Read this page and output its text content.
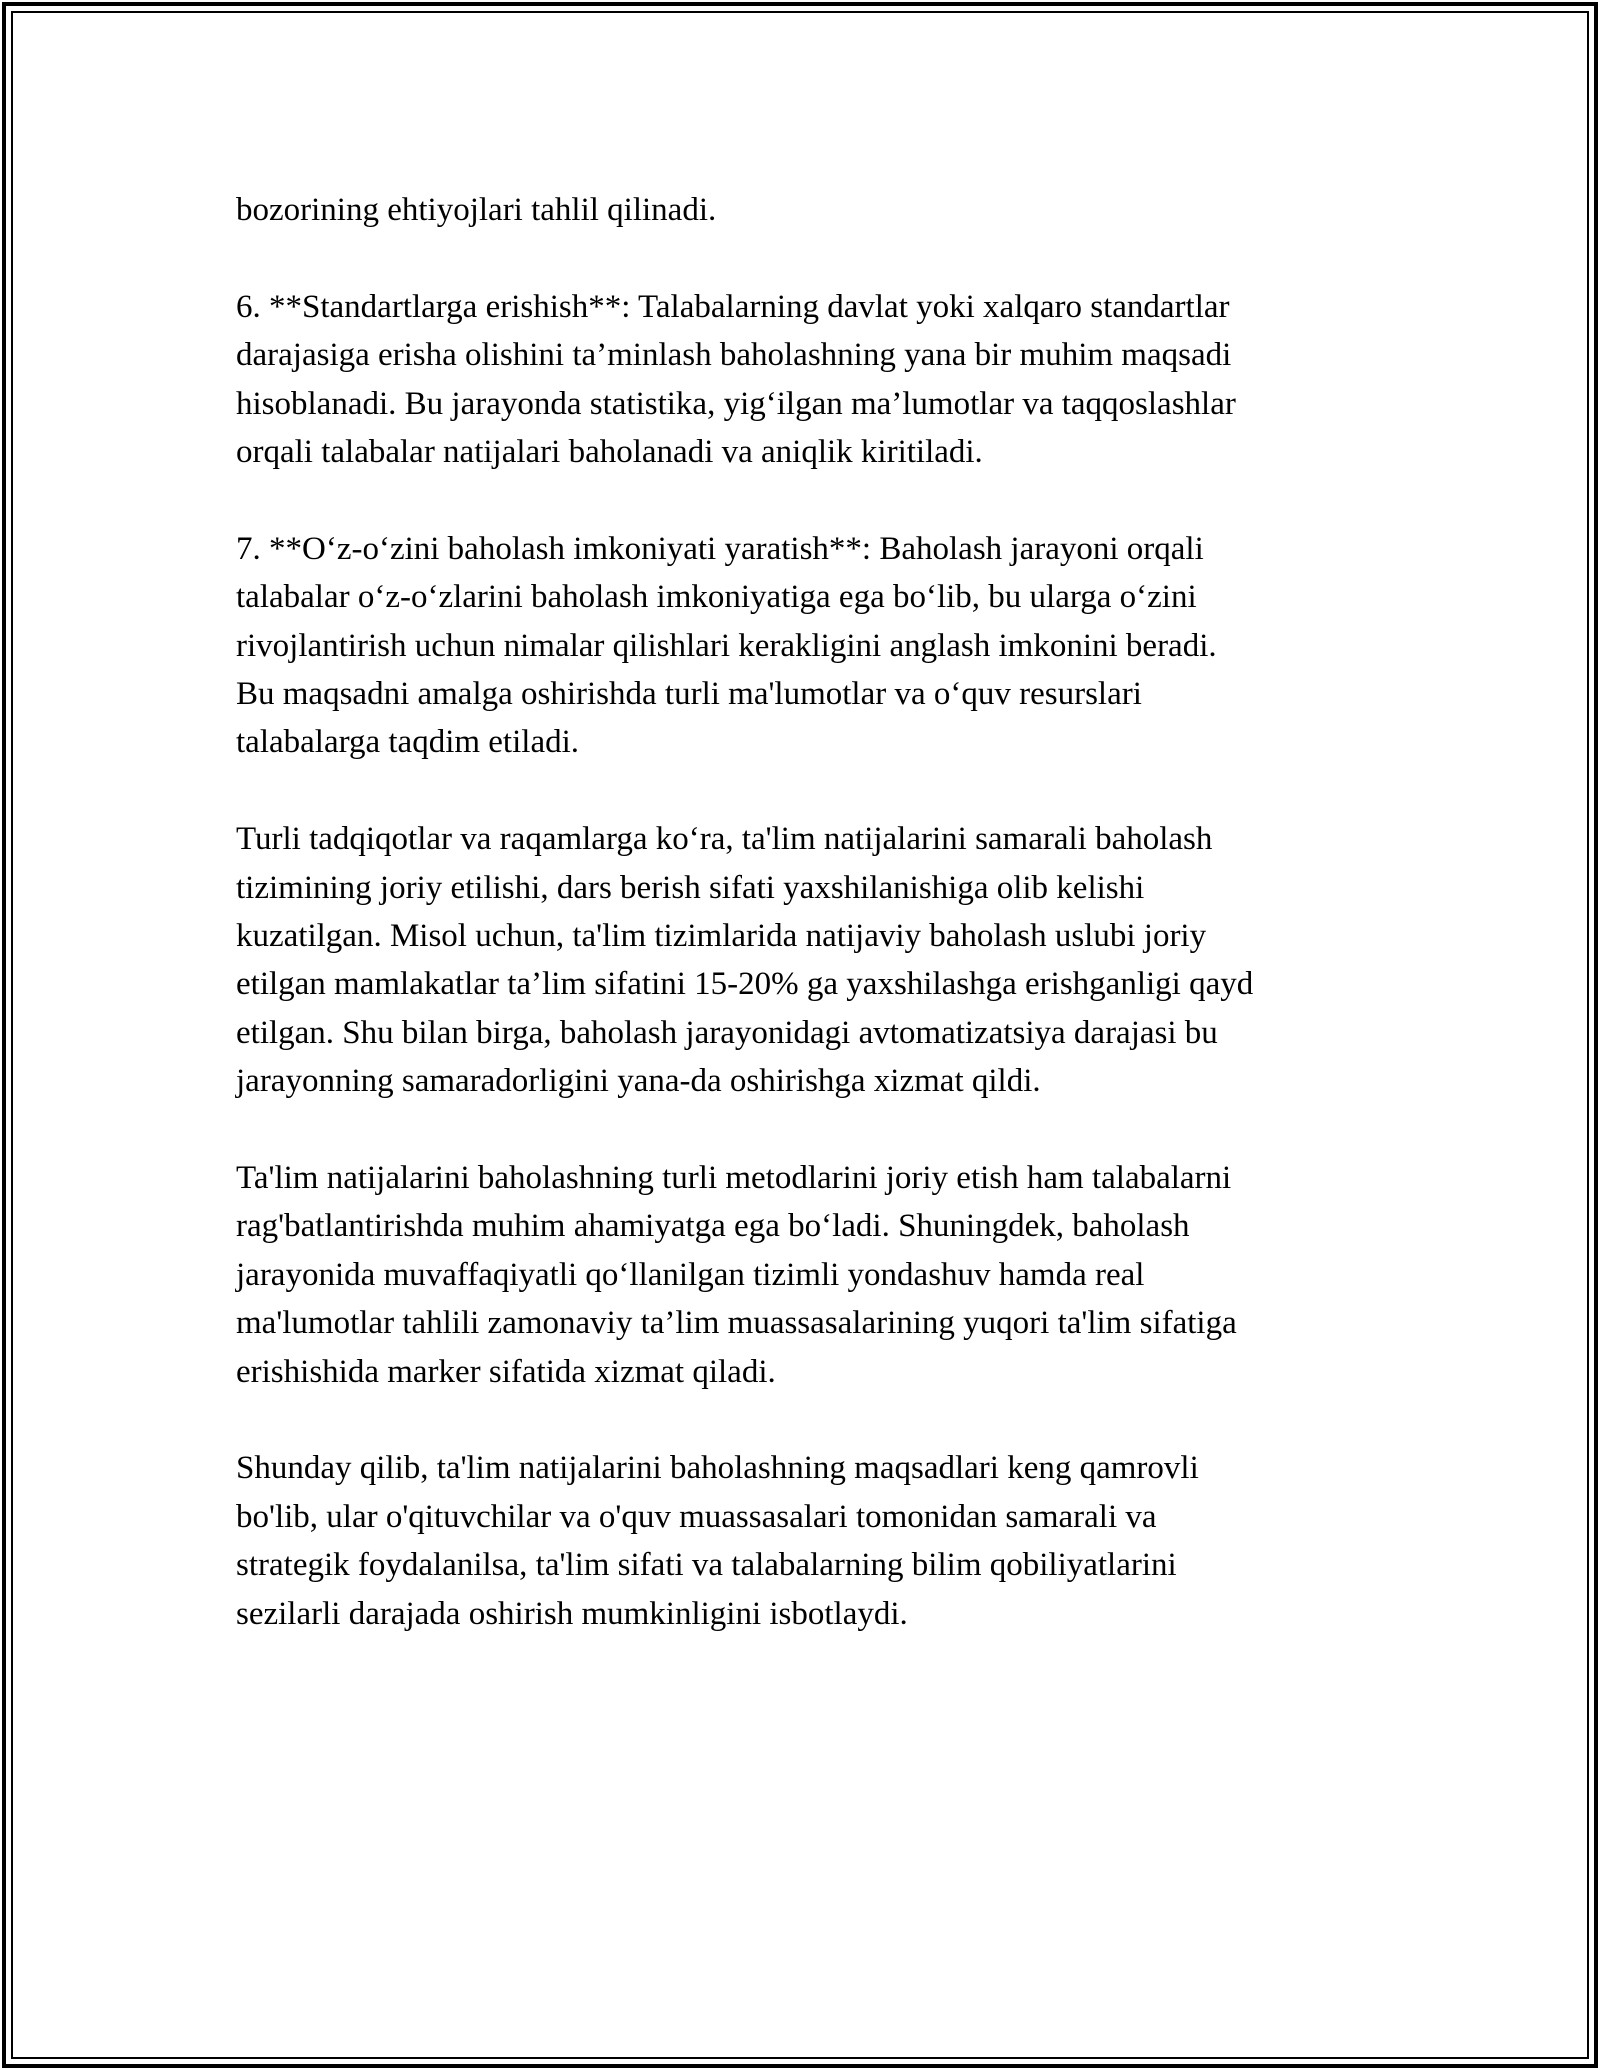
bozorining ehtiyojlari tahlil qilinadi.

6. **Standartlarga erishish**: Talabalarning davlat yoki xalqaro standartlar
darajasiga erisha olishini ta’minlash baholashning yana bir muhim maqsadi
hisoblanadi. Bu jarayonda statistika, yig‘ilgan ma’lumotlar va taqqoslashlar
orqali talabalar natijalari baholanadi va aniqlik kiritiladi.

7. **O‘z-o‘zini baholash imkoniyati yaratish**: Baholash jarayoni orqali
talabalar o‘z-o‘zlarini baholash imkoniyatiga ega bo‘lib, bu ularga o‘zini
rivojlantirish uchun nimalar qilishlari kerakligini anglash imkonini beradi.
Bu maqsadni amalga oshirishda turli ma'lumotlar va o‘quv resurslari
talabalarga taqdim etiladi.

Turli tadqiqotlar va raqamlarga ko‘ra, ta'lim natijalarini samarali baholash
tizimining joriy etilishi, dars berish sifati yaxshilanishiga olib kelishi
kuzatilgan. Misol uchun, ta'lim tizimlarida natijaviy baholash uslubi joriy
etilgan mamlakatlar ta’lim sifatini 15-20% ga yaxshilashga erishganligi qayd
etilgan. Shu bilan birga, baholash jarayonidagi avtomatizatsiya darajasi bu
jarayonning samaradorligini yana-da oshirishga xizmat qildi.

Ta'lim natijalarini baholashning turli metodlarini joriy etish ham talabalarni
rag'batlantirishda muhim ahamiyatga ega bo‘ladi. Shuningdek, baholash
jarayonida muvaffaqiyatli qo‘llanilgan tizimli yondashuv hamda real
ma'lumotlar tahlili zamonaviy ta’lim muassasalarining yuqori ta'lim sifatiga
erishishida marker sifatida xizmat qiladi.

Shunday qilib, ta'lim natijalarini baholashning maqsadlari keng qamrovli
bo'lib, ular o'qituvchilar va o'quv muassasalari tomonidan samarali va
strategik foydalanilsa, ta'lim sifati va talabalarning bilim qobiliyatlarini
sezilarli darajada oshirish mumkinligini isbotlaydi.
